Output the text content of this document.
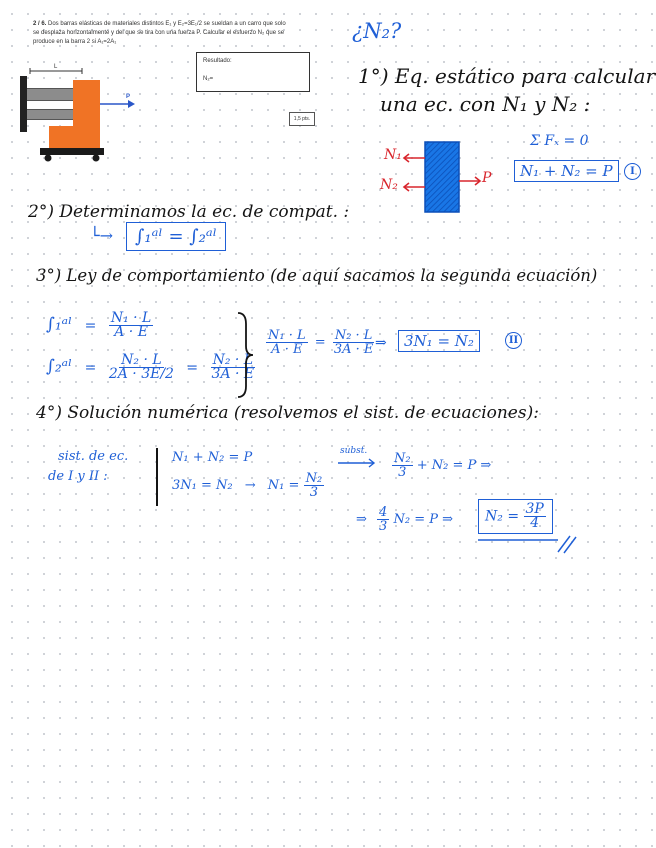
2 / 6. Dos barras elásticas de materiales distintos E₁ y E₂=3E₁/2 se sueldan a un carro que solo
se desplaza horizontalmente y del que se tira con una fuerza P. Calcular el esfuerzo N₂ que se
produce en la barra 2 si A₁=2A₁
Resultado:
N₂=
1,5 pts.
L
P
¿N₂?
1°) Eq. estático para calcular
una ec. con N₁ y N₂ :
N₁
N₂	P
Σ Fₓ = 0
N₁ + N₂ = P	I
2°) Determinamos la ec. de compat. :
└→	∫₁ᵃˡ = ∫₂ᵃˡ
3°) Ley de comportamiento (de aquí sacamos la segunda ecuación)
∫₁ᵃˡ = $\frac{\text{N₁ · L}}{A \cdot E}$
∫₂ᵃˡ = $\frac{\text{N₂ · L}}{2A \cdot 3E/2} = \frac{\text{N₂ · L}}{3A \cdot E}$
$\frac{\text{N₁ · L}}{A \cdot E} = \frac{\text{N₂ · L}}{3A \cdot E}$ ⇒	3N₁ = N₂	II
4°) Solución numérica (resolvemos el sist. de ecuaciones):
sist. de ec.
de I y II :
N₁ + N₂ = P
$3N_1 = N_2 \to N_1 = \frac{\text{N₂}}{3}$
subst.
$\frac{\text{N₂}}{3} + N_2 = P$ ⇒
⇒ $\frac{4}{3} N_2 = P$ ⇒	$N_2 = \frac{3P}{4}$
